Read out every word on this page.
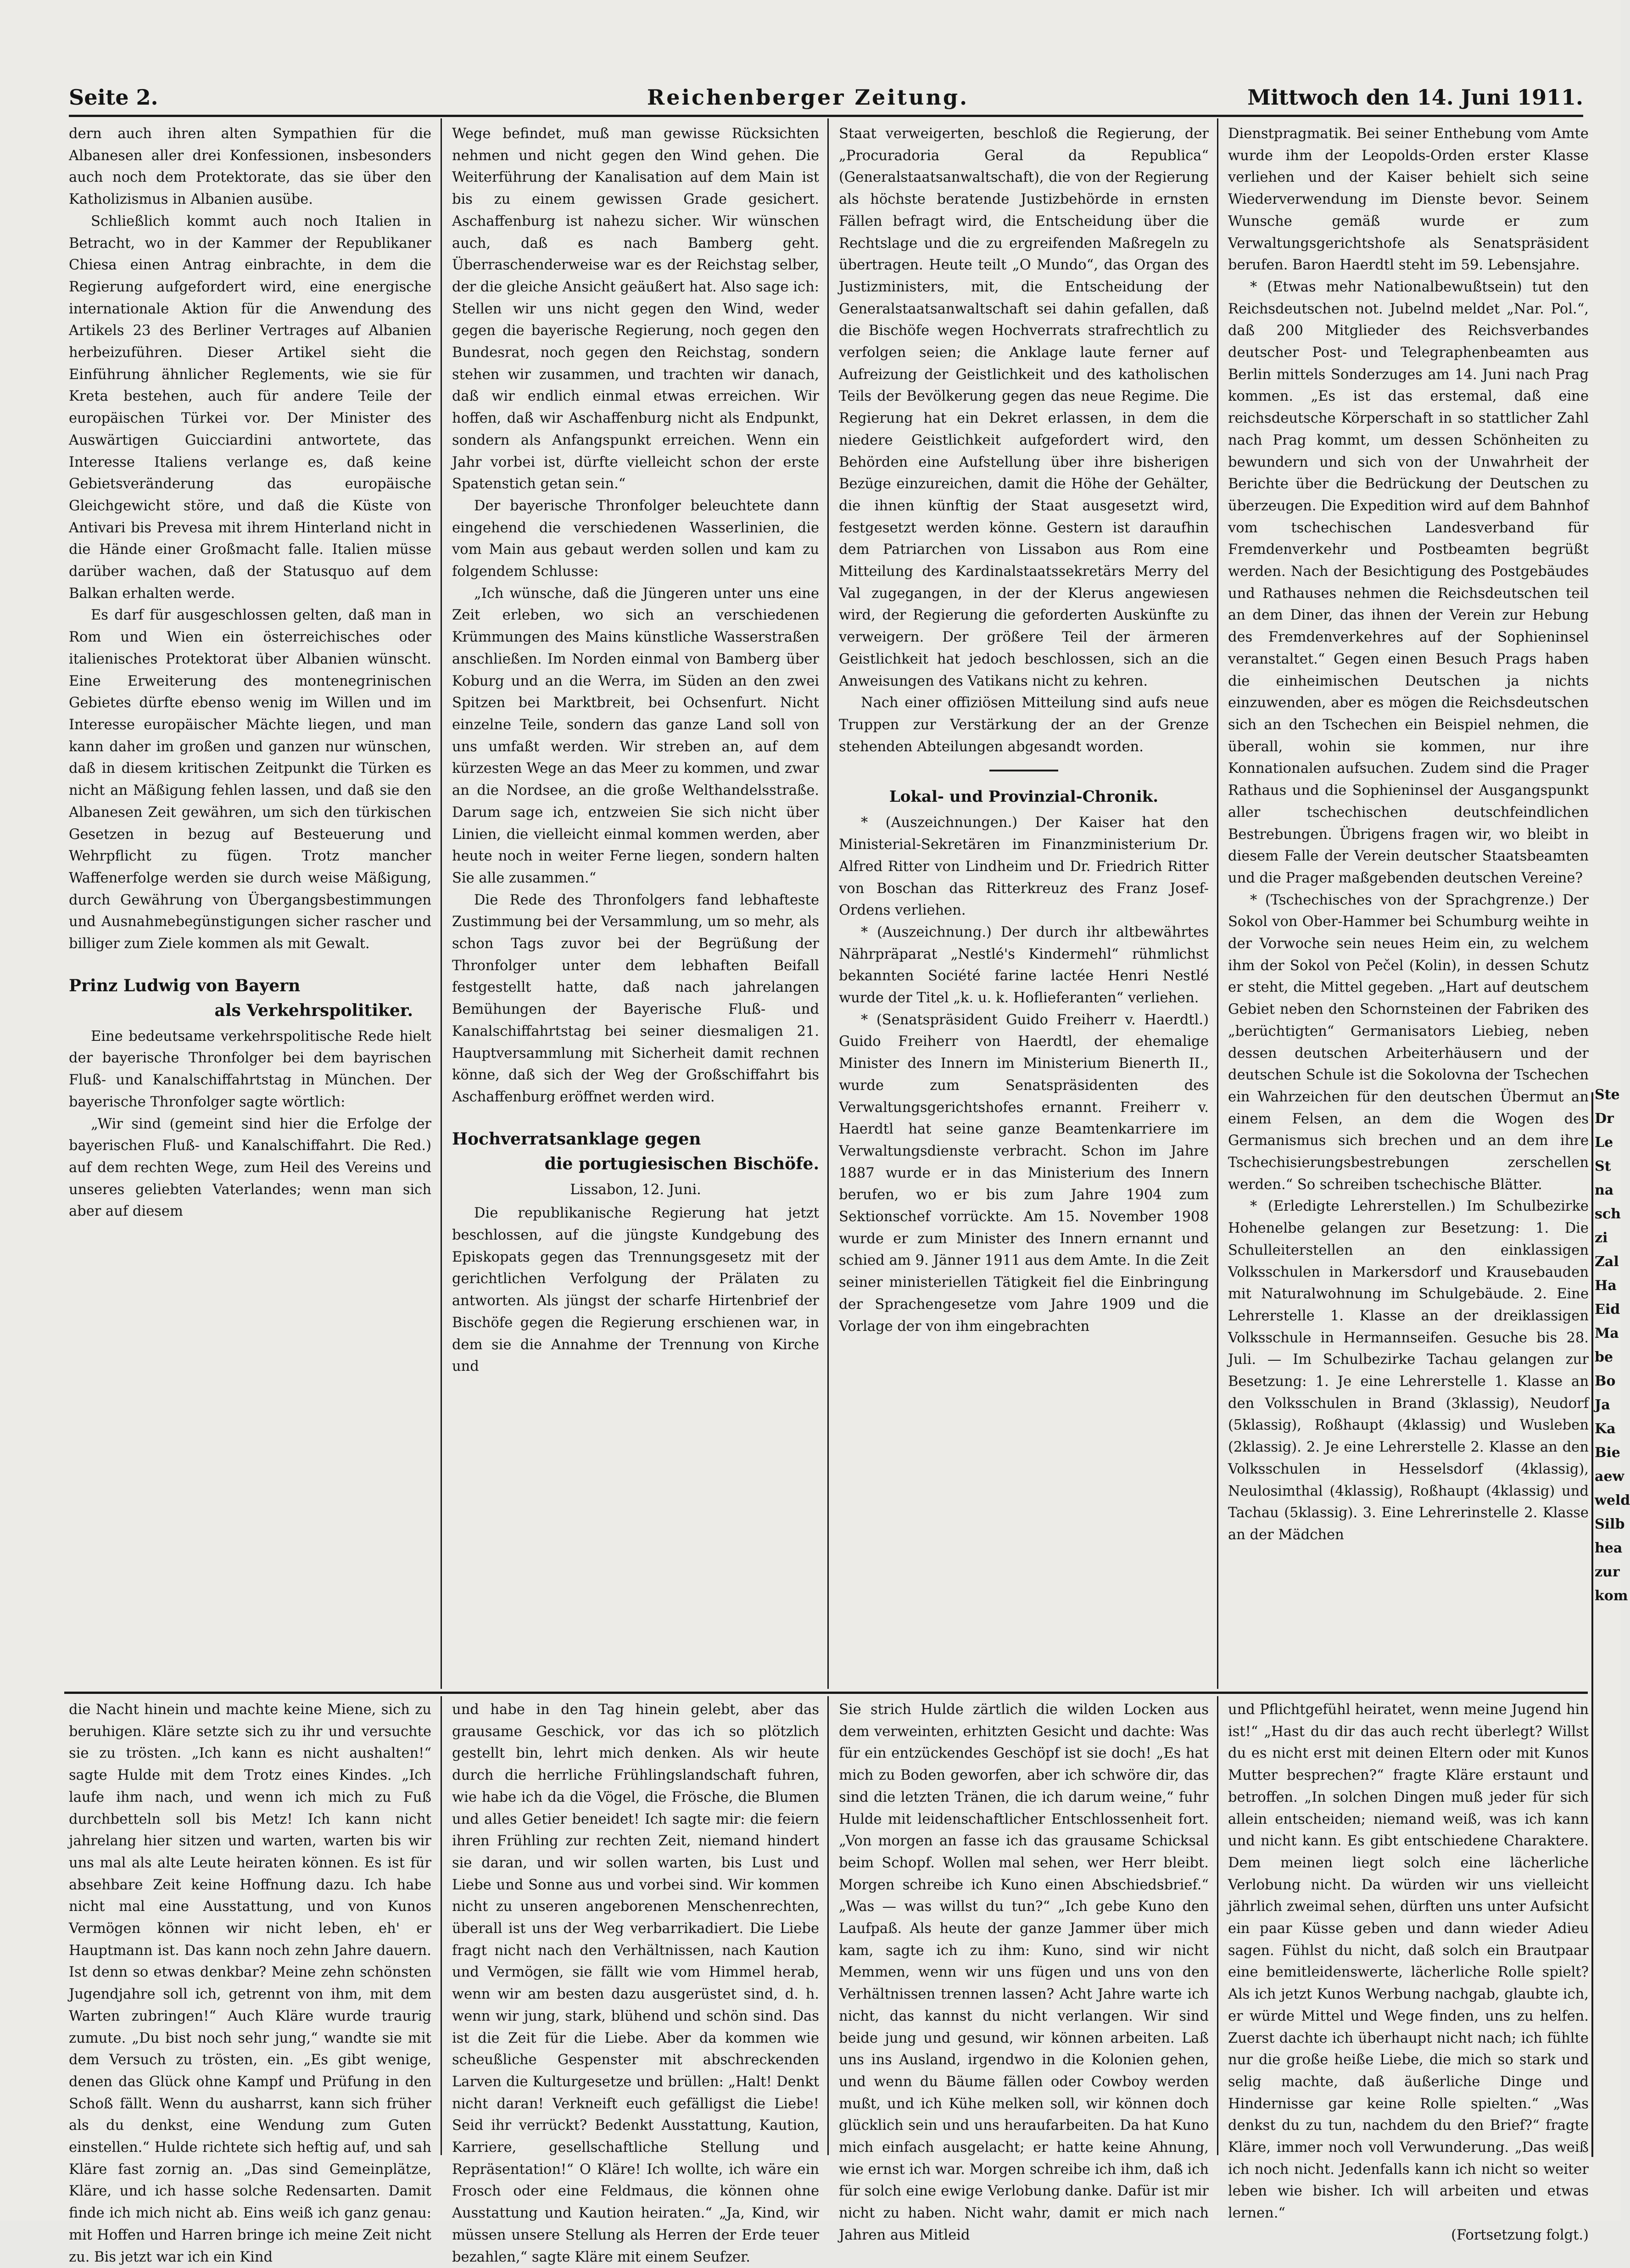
Seite 2.	Reichenberger Zeitung.	Mittwoch den 14. Juni 1911.

dern auch ihren alten Sympathien für die Albanesen aller drei Konfessionen, insbesonders auch noch dem Protektorate, das sie über den Katholizismus in Albanien ausübe.

Schließlich kommt auch noch Italien in Betracht, wo in der Kammer der Republikaner Chiesa einen Antrag einbrachte, in dem die Regierung aufgefordert wird, eine energische internationale Aktion für die Anwendung des Artikels 23 des Berliner Vertrages auf Albanien herbeizuführen. Dieser Artikel sieht die Einführung ähnlicher Reglements, wie sie für Kreta bestehen, auch für andere Teile der europäischen Türkei vor. Der Minister des Auswärtigen Guicciardini antwortete, das Interesse Italiens verlange es, daß keine Gebietsveränderung das europäische Gleichgewicht störe, und daß die Küste von Antivari bis Prevesa mit ihrem Hinterland nicht in die Hände einer Großmacht falle. Italien müsse darüber wachen, daß der Statusquo auf dem Balkan erhalten werde.

Es darf für ausgeschlossen gelten, daß man in Rom und Wien ein österreichisches oder italienisches Protektorat über Albanien wünscht. Eine Erweiterung des montenegrinischen Gebietes dürfte ebenso wenig im Willen und im Interesse europäischer Mächte liegen, und man kann daher im großen und ganzen nur wünschen, daß in diesem kritischen Zeitpunkt die Türken es nicht an Mäßigung fehlen lassen, und daß sie den Albanesen Zeit gewähren, um sich den türkischen Gesetzen in bezug auf Besteuerung und Wehrpflicht zu fügen. Trotz mancher Waffenerfolge werden sie durch weise Mäßigung, durch Gewährung von Übergangsbestimmungen und Ausnahmebegünstigungen sicher rascher und billiger zum Ziele kommen als mit Gewalt.

Prinz Ludwig von Bayern
als Verkehrspolitiker.

Eine bedeutsame verkehrspolitische Rede hielt der bayerische Thronfolger bei dem bayrischen Fluß- und Kanalschiffahrtstag in München. Der bayerische Thronfolger sagte wörtlich:

„Wir sind (gemeint sind hier die Erfolge der bayerischen Fluß- und Kanalschiffahrt. Die Red.) auf dem rechten Wege, zum Heil des Vereins und unseres geliebten Vaterlandes; wenn man sich aber auf diesem

Wege befindet, muß man gewisse Rücksichten nehmen und nicht gegen den Wind gehen. Die Weiterführung der Kanalisation auf dem Main ist bis zu einem gewissen Grade gesichert. Aschaffenburg ist nahezu sicher. Wir wünschen auch, daß es nach Bamberg geht. Überraschenderweise war es der Reichstag selber, der die gleiche Ansicht geäußert hat. Also sage ich: Stellen wir uns nicht gegen den Wind, weder gegen die bayerische Regierung, noch gegen den Bundesrat, noch gegen den Reichstag, sondern stehen wir zusammen, und trachten wir danach, daß wir endlich einmal etwas erreichen. Wir hoffen, daß wir Aschaffenburg nicht als Endpunkt, sondern als Anfangspunkt erreichen. Wenn ein Jahr vorbei ist, dürfte vielleicht schon der erste Spatenstich getan sein.“

Der bayerische Thronfolger beleuchtete dann eingehend die verschiedenen Wasserlinien, die vom Main aus gebaut werden sollen und kam zu folgendem Schlusse:

„Ich wünsche, daß die Jüngeren unter uns eine Zeit erleben, wo sich an verschiedenen Krümmungen des Mains künstliche Wasserstraßen anschließen. Im Norden einmal von Bamberg über Koburg und an die Werra, im Süden an den zwei Spitzen bei Marktbreit, bei Ochsenfurt. Nicht einzelne Teile, sondern das ganze Land soll von uns umfaßt werden. Wir streben an, auf dem kürzesten Wege an das Meer zu kommen, und zwar an die Nordsee, an die große Welthandelsstraße. Darum sage ich, entzweien Sie sich nicht über Linien, die vielleicht einmal kommen werden, aber heute noch in weiter Ferne liegen, sondern halten Sie alle zusammen.“

Die Rede des Thronfolgers fand lebhafteste Zustimmung bei der Versammlung, um so mehr, als schon Tags zuvor bei der Begrüßung der Thronfolger unter dem lebhaften Beifall festgestellt hatte, daß nach jahrelangen Bemühungen der Bayerische Fluß- und Kanalschiffahrtstag bei seiner diesmaligen 21. Hauptversammlung mit Sicherheit damit rechnen könne, daß sich der Weg der Großschiffahrt bis Aschaffenburg eröffnet werden wird.

Hochverratsanklage gegen
die portugiesischen Bischöfe.
Lissabon, 12. Juni.

Die republikanische Regierung hat jetzt beschlossen, auf die jüngste Kundgebung des Episkopats gegen das Trennungsgesetz mit der gerichtlichen Verfolgung der Prälaten zu antworten. Als jüngst der scharfe Hirtenbrief der Bischöfe gegen die Regierung erschienen war, in dem sie die Annahme der Trennung von Kirche und

Staat verweigerten, beschloß die Regierung, der „Procuradoria Geral da Republica“ (Generalstaatsanwaltschaft), die von der Regierung als höchste beratende Justizbehörde in ernsten Fällen befragt wird, die Entscheidung über die Rechtslage und die zu ergreifenden Maßregeln zu übertragen. Heute teilt „O Mundo“, das Organ des Justizministers, mit, die Entscheidung der Generalstaatsanwaltschaft sei dahin gefallen, daß die Bischöfe wegen Hochverrats strafrechtlich zu verfolgen seien; die Anklage laute ferner auf Aufreizung der Geistlichkeit und des katholischen Teils der Bevölkerung gegen das neue Regime. Die Regierung hat ein Dekret erlassen, in dem die niedere Geistlichkeit aufgefordert wird, den Behörden eine Aufstellung über ihre bisherigen Bezüge einzureichen, damit die Höhe der Gehälter, die ihnen künftig der Staat ausgesetzt wird, festgesetzt werden könne. Gestern ist daraufhin dem Patriarchen von Lissabon aus Rom eine Mitteilung des Kardinalstaatssekretärs Merry del Val zugegangen, in der der Klerus angewiesen wird, der Regierung die geforderten Auskünfte zu verweigern. Der größere Teil der ärmeren Geistlichkeit hat jedoch beschlossen, sich an die Anweisungen des Vatikans nicht zu kehren.

Nach einer offiziösen Mitteilung sind aufs neue Truppen zur Verstärkung der an der Grenze stehenden Abteilungen abgesandt worden.

Lokal- und Provinzial-Chronik.

* (Auszeichnungen.) Der Kaiser hat den Ministerial-Sekretären im Finanzministerium Dr. Alfred Ritter von Lindheim und Dr. Friedrich Ritter von Boschan das Ritterkreuz des Franz Josef-Ordens verliehen.

* (Auszeichnung.) Der durch ihr altbewährtes Nährpräparat „Nestlé's Kindermehl“ rühmlichst bekannten Société farine lactée Henri Nestlé wurde der Titel „k. u. k. Hoflieferanten“ verliehen.

* (Senatspräsident Guido Freiherr v. Haerdtl.) Guido Freiherr von Haerdtl, der ehemalige Minister des Innern im Ministerium Bienerth II., wurde zum Senatspräsidenten des Verwaltungsgerichtshofes ernannt. Freiherr v. Haerdtl hat seine ganze Beamtenkarriere im Verwaltungsdienste verbracht. Schon im Jahre 1887 wurde er in das Ministerium des Innern berufen, wo er bis zum Jahre 1904 zum Sektionschef vorrückte. Am 15. November 1908 wurde er zum Minister des Innern ernannt und schied am 9. Jänner 1911 aus dem Amte. In die Zeit seiner ministeriellen Tätigkeit fiel die Einbringung der Sprachengesetze vom Jahre 1909 und die Vorlage der von ihm eingebrachten

Dienstpragmatik. Bei seiner Enthebung vom Amte wurde ihm der Leopolds-Orden erster Klasse verliehen und der Kaiser behielt sich seine Wiederverwendung im Dienste bevor. Seinem Wunsche gemäß wurde er zum Verwaltungsgerichtshofe als Senatspräsident berufen. Baron Haerdtl steht im 59. Lebensjahre.

* (Etwas mehr Nationalbewußtsein) tut den Reichsdeutschen not. Jubelnd meldet „Nar. Pol.“, daß 200 Mitglieder des Reichsverbandes deutscher Post- und Telegraphenbeamten aus Berlin mittels Sonderzuges am 14. Juni nach Prag kommen. „Es ist das erstemal, daß eine reichsdeutsche Körperschaft in so stattlicher Zahl nach Prag kommt, um dessen Schönheiten zu bewundern und sich von der Unwahrheit der Berichte über die Bedrückung der Deutschen zu überzeugen. Die Expedition wird auf dem Bahnhof vom tschechischen Landesverband für Fremdenverkehr und Postbeamten begrüßt werden. Nach der Besichtigung des Postgebäudes und Rathauses nehmen die Reichsdeutschen teil an dem Diner, das ihnen der Verein zur Hebung des Fremdenverkehres auf der Sophieninsel veranstaltet.“ Gegen einen Besuch Prags haben die einheimischen Deutschen ja nichts einzuwenden, aber es mögen die Reichsdeutschen sich an den Tschechen ein Beispiel nehmen, die überall, wohin sie kommen, nur ihre Konnationalen aufsuchen. Zudem sind die Prager Rathaus und die Sophieninsel der Ausgangspunkt aller tschechischen deutschfeindlichen Bestrebungen. Übrigens fragen wir, wo bleibt in diesem Falle der Verein deutscher Staatsbeamten und die Prager maßgebenden deutschen Vereine?

* (Tschechisches von der Sprachgrenze.) Der Sokol von Ober-Hammer bei Schumburg weihte in der Vorwoche sein neues Heim ein, zu welchem ihm der Sokol von Pečel (Kolin), in dessen Schutz er steht, die Mittel gegeben. „Hart auf deutschem Gebiet neben den Schornsteinen der Fabriken des „berüchtigten“ Germanisators Liebieg, neben dessen deutschen Arbeiterhäusern und der deutschen Schule ist die Sokolovna der Tschechen ein Wahrzeichen für den deutschen Übermut an einem Felsen, an dem die Wogen des Germanismus sich brechen und an dem ihre Tschechisierungsbestrebungen zerschellen werden.“ So schreiben tschechische Blätter.

* (Erledigte Lehrerstellen.) Im Schulbezirke Hohenelbe gelangen zur Besetzung: 1. Die Schulleiterstellen an den einklassigen Volksschulen in Markersdorf und Krausebauden mit Naturalwohnung im Schulgebäude. 2. Eine Lehrerstelle 1. Klasse an der dreiklassigen Volksschule in Hermannseifen. Gesuche bis 28. Juli. — Im Schulbezirke Tachau gelangen zur Besetzung: 1. Je eine Lehrerstelle 1. Klasse an den Volksschulen in Brand (3klassig), Neudorf (5klassig), Roßhaupt (4klassig) und Wusleben (2klassig). 2. Je eine Lehrerstelle 2. Klasse an den Volksschulen in Hesselsdorf (4klassig), Neulosimthal (4klassig), Roßhaupt (4klassig) und Tachau (5klassig). 3. Eine Lehrerinstelle 2. Klasse an der Mädchen

die Nacht hinein und machte keine Miene, sich zu beruhigen. Kläre setzte sich zu ihr und versuchte sie zu trösten. „Ich kann es nicht aushalten!“ sagte Hulde mit dem Trotz eines Kindes. „Ich laufe ihm nach, und wenn ich mich zu Fuß durchbetteln soll bis Metz! Ich kann nicht jahrelang hier sitzen und warten, warten bis wir uns mal als alte Leute heiraten können. Es ist für absehbare Zeit keine Hoffnung dazu. Ich habe nicht mal eine Ausstattung, und von Kunos Vermögen können wir nicht leben, eh' er Hauptmann ist. Das kann noch zehn Jahre dauern. Ist denn so etwas denkbar? Meine zehn schönsten Jugendjahre soll ich, getrennt von ihm, mit dem Warten zubringen!“ Auch Kläre wurde traurig zumute. „Du bist noch sehr jung,“ wandte sie mit dem Versuch zu trösten, ein. „Es gibt wenige, denen das Glück ohne Kampf und Prüfung in den Schoß fällt. Wenn du ausharrst, kann sich früher als du denkst, eine Wendung zum Guten einstellen.“ Hulde richtete sich heftig auf, und sah Kläre fast zornig an. „Das sind Gemeinplätze, Kläre, und ich hasse solche Redensarten. Damit finde ich mich nicht ab. Eins weiß ich ganz genau: mit Hoffen und Harren bringe ich meine Zeit nicht zu. Bis jetzt war ich ein Kind

und habe in den Tag hinein gelebt, aber das grausame Geschick, vor das ich so plötzlich gestellt bin, lehrt mich denken. Als wir heute durch die herrliche Frühlingslandschaft fuhren, wie habe ich da die Vögel, die Frösche, die Blumen und alles Getier beneidet! Ich sagte mir: die feiern ihren Frühling zur rechten Zeit, niemand hindert sie daran, und wir sollen warten, bis Lust und Liebe und Sonne aus und vorbei sind. Wir kommen nicht zu unseren angeborenen Menschenrechten, überall ist uns der Weg verbarrikadiert. Die Liebe fragt nicht nach den Verhältnissen, nach Kaution und Vermögen, sie fällt wie vom Himmel herab, wenn wir am besten dazu ausgerüstet sind, d. h. wenn wir jung, stark, blühend und schön sind. Das ist die Zeit für die Liebe. Aber da kommen wie scheußliche Gespenster mit abschreckenden Larven die Kulturgesetze und brüllen: „Halt! Denkt nicht daran! Verkneift euch gefälligst die Liebe! Seid ihr verrückt? Bedenkt Ausstattung, Kaution, Karriere, gesellschaftliche Stellung und Repräsentation!“ O Kläre! Ich wollte, ich wäre ein Frosch oder eine Feldmaus, die können ohne Ausstattung und Kaution heiraten.“ „Ja, Kind, wir müssen unsere Stellung als Herren der Erde teuer bezahlen,“ sagte Kläre mit einem Seufzer.

Sie strich Hulde zärtlich die wilden Locken aus dem verweinten, erhitzten Gesicht und dachte: Was für ein entzückendes Geschöpf ist sie doch! „Es hat mich zu Boden geworfen, aber ich schwöre dir, das sind die letzten Tränen, die ich darum weine,“ fuhr Hulde mit leidenschaftlicher Entschlossenheit fort. „Von morgen an fasse ich das grausame Schicksal beim Schopf. Wollen mal sehen, wer Herr bleibt. Morgen schreibe ich Kuno einen Abschiedsbrief.“ „Was — was willst du tun?“ „Ich gebe Kuno den Laufpaß. Als heute der ganze Jammer über mich kam, sagte ich zu ihm: Kuno, sind wir nicht Memmen, wenn wir uns fügen und uns von den Verhältnissen trennen lassen? Acht Jahre warte ich nicht, das kannst du nicht verlangen. Wir sind beide jung und gesund, wir können arbeiten. Laß uns ins Ausland, irgendwo in die Kolonien gehen, und wenn du Bäume fällen oder Cowboy werden mußt, und ich Kühe melken soll, wir können doch glücklich sein und uns heraufarbeiten. Da hat Kuno mich einfach ausgelacht; er hatte keine Ahnung, wie ernst ich war. Morgen schreibe ich ihm, daß ich für solch eine ewige Verlobung danke. Dafür ist mir nicht zu haben. Nicht wahr, damit er mich nach Jahren aus Mitleid

und Pflichtgefühl heiratet, wenn meine Jugend hin ist!“ „Hast du dir das auch recht überlegt? Willst du es nicht erst mit deinen Eltern oder mit Kunos Mutter besprechen?“ fragte Kläre erstaunt und betroffen. „In solchen Dingen muß jeder für sich allein entscheiden; niemand weiß, was ich kann und nicht kann. Es gibt entschiedene Charaktere. Dem meinen liegt solch eine lächerliche Verlobung nicht. Da würden wir uns vielleicht jährlich zweimal sehen, dürften uns unter Aufsicht ein paar Küsse geben und dann wieder Adieu sagen. Fühlst du nicht, daß solch ein Brautpaar eine bemitleidenswerte, lächerliche Rolle spielt? Als ich jetzt Kunos Werbung nachgab, glaubte ich, er würde Mittel und Wege finden, uns zu helfen. Zuerst dachte ich überhaupt nicht nach; ich fühlte nur die große heiße Liebe, die mich so stark und selig machte, daß äußerliche Dinge und Hindernisse gar keine Rolle spielten.“ „Was denkst du zu tun, nachdem du den Brief?“ fragte Kläre, immer noch voll Verwunderung. „Das weiß ich noch nicht. Jedenfalls kann ich nicht so weiter leben wie bisher. Ich will arbeiten und etwas lernen.“

(Fortsetzung folgt.)

Ste
Dr
Le
St
na
sch
zi
Zal
Ha
Eid
Ma
be
Bo
Ja
Ka
Bie
aew
weld
Silb
hea
zur
kom
